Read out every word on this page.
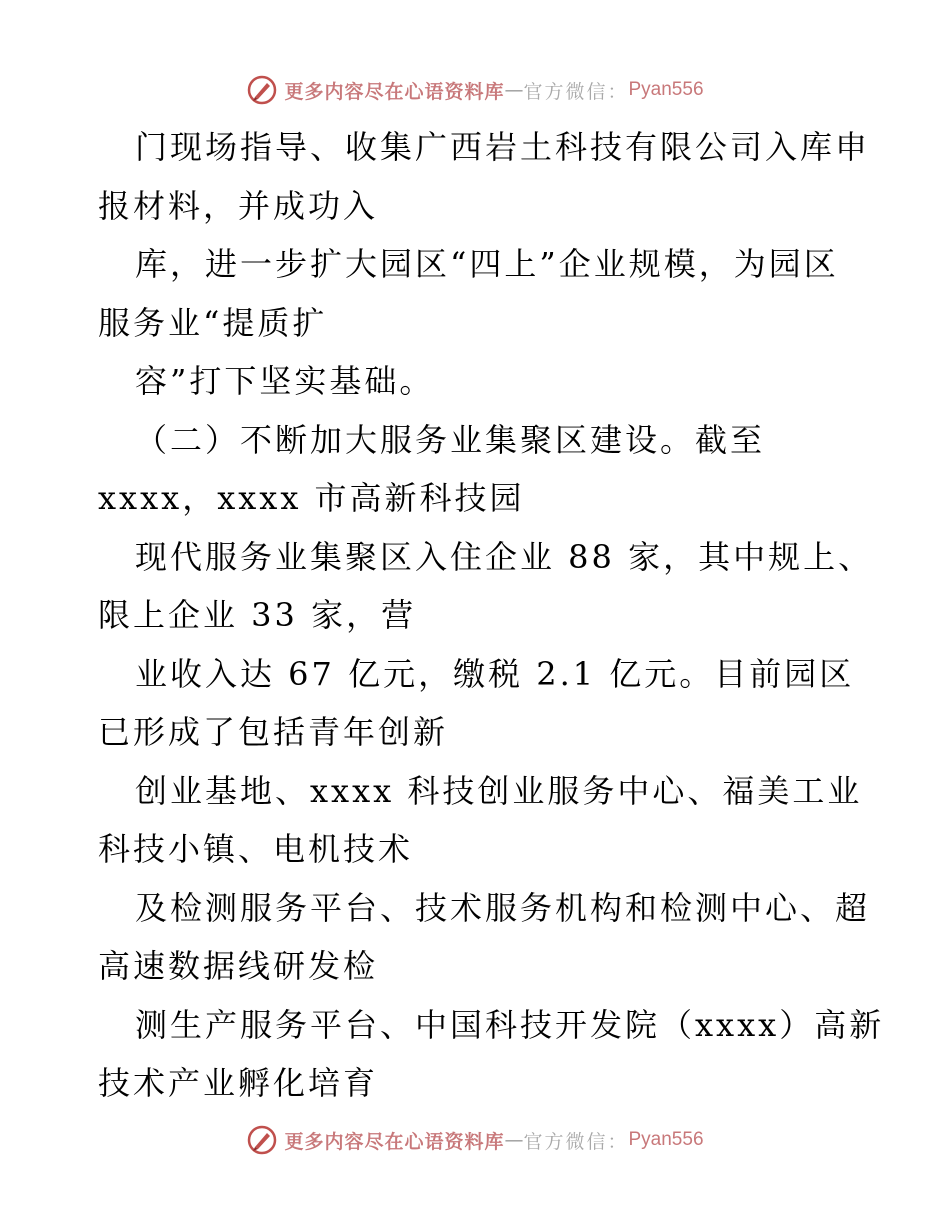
更多内容尽在心语资料库 — 官方微信： Pyan556
门现场指导、收集广西岩土科技有限公司入库申
报材料，并成功入
库，进一步扩大园区“四上”企业规模，为园区
服务业“提质扩
容”打下坚实基础。
（二）不断加大服务业集聚区建设。截至
xxxx，xxxx 市高新科技园
现代服务业集聚区入住企业 88 家，其中规上、
限上企业 33 家，营
业收入达 67 亿元，缴税 2.1 亿元。目前园区
已形成了包括青年创新
创业基地、xxxx 科技创业服务中心、福美工业
科技小镇、电机技术
及检测服务平台、技术服务机构和检测中心、超
高速数据线研发检
测生产服务平台、中国科技开发院（xxxx）高新
技术产业孵化培育
更多内容尽在心语资料库 — 官方微信： Pyan556
